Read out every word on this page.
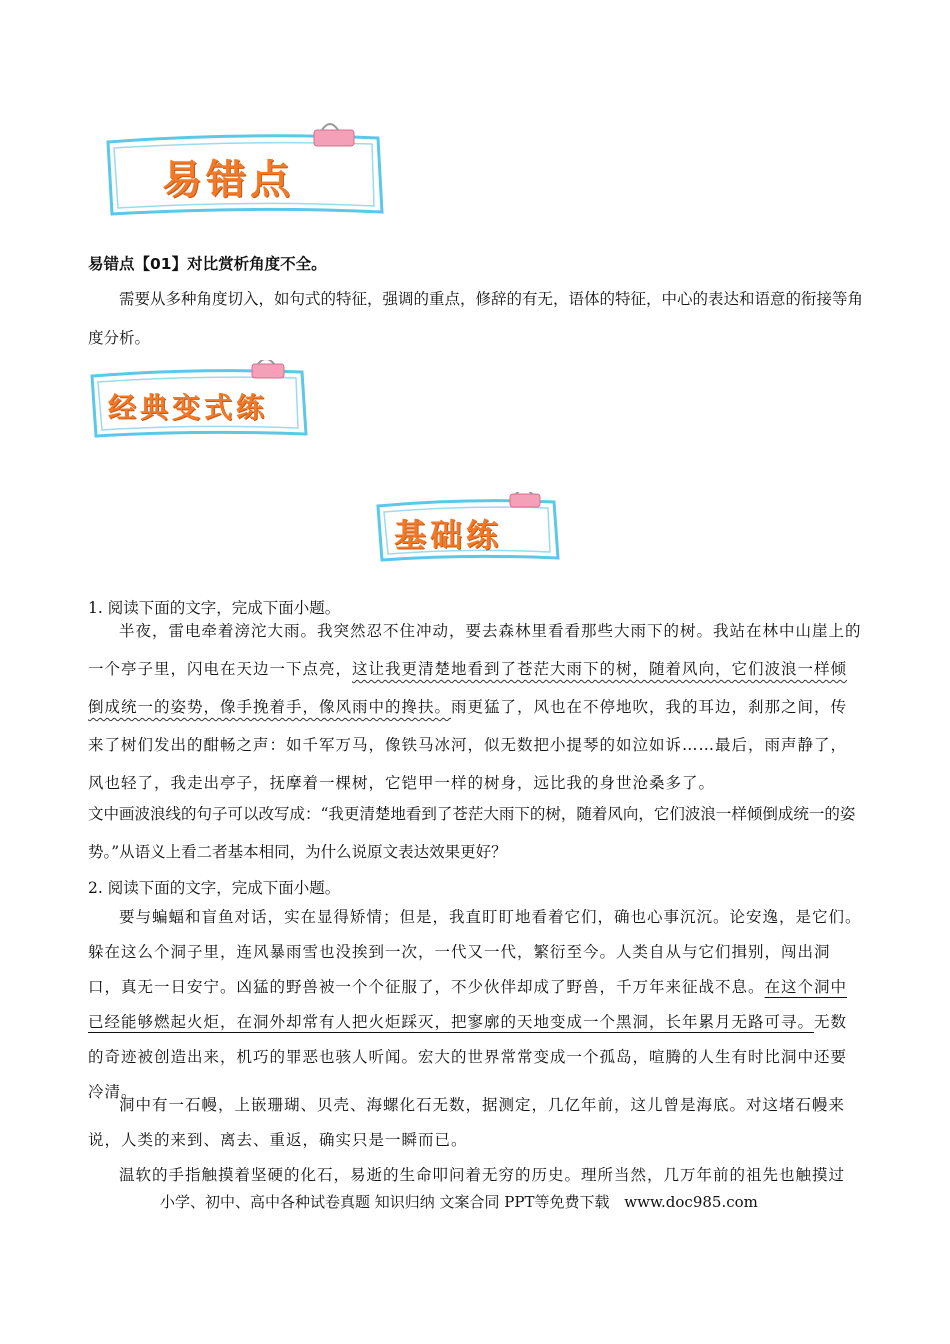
易错点
易错点【01】对比赏析角度不全。
需要从多种角度切入，如句式的特征，强调的重点，修辞的有无，语体的特征，中心的表达和语意的衔接等角度分析。
经典变式练
基础练
1. 阅读下面的文字，完成下面小题。
半夜，雷电牵着滂沱大雨。我突然忍不住冲动，要去森林里看看那些大雨下的树。我站在林中山崖上的一个亭子里，闪电在天边一下点亮，这让我更清楚地看到了苍茫大雨下的树，随着风向，它们波浪一样倾倒成统一的姿势，像手挽着手，像风雨中的搀扶。雨更猛了，风也在不停地吹，我的耳边，刹那之间，传来了树们发出的酣畅之声：如千军万马，像铁马冰河，似无数把小提琴的如泣如诉……最后，雨声静了，风也轻了，我走出亭子，抚摩着一棵树，它铠甲一样的树身，远比我的身世沧桑多了。
文中画波浪线的句子可以改写成：“我更清楚地看到了苍茫大雨下的树，随着风向，它们波浪一样倾倒成统一的姿势。”从语义上看二者基本相同，为什么说原文表达效果更好？
2. 阅读下面的文字，完成下面小题。
要与蝙蝠和盲鱼对话，实在显得矫情；但是，我直盯盯地看着它们，确也心事沉沉。论安逸，是它们。躲在这么个洞子里，连风暴雨雪也没挨到一次，一代又一代，繁衍至今。人类自从与它们揖别，闯出洞口，真无一日安宁。凶猛的野兽被一个个征服了，不少伙伴却成了野兽，千万年来征战不息。在这个洞中已经能够燃起火炬，在洞外却常有人把火炬踩灭，把寥廓的天地变成一个黑洞，长年累月无路可寻。无数的奇迹被创造出来，机巧的罪恶也骇人听闻。宏大的世界常常变成一个孤岛，喧腾的人生有时比洞中还要冷清。
洞中有一石幔，上嵌珊瑚、贝壳、海螺化石无数，据测定，几亿年前，这儿曾是海底。对这堵石幔来说，人类的来到、离去、重返，确实只是一瞬而已。
温软的手指触摸着坚硬的化石，易逝的生命叩问着无穷的历史。理所当然，几万年前的祖先也触摸过
小学、初中、高中各种试卷真题 知识归纳 文案合同 PPT等免费下载 www.doc985.com
